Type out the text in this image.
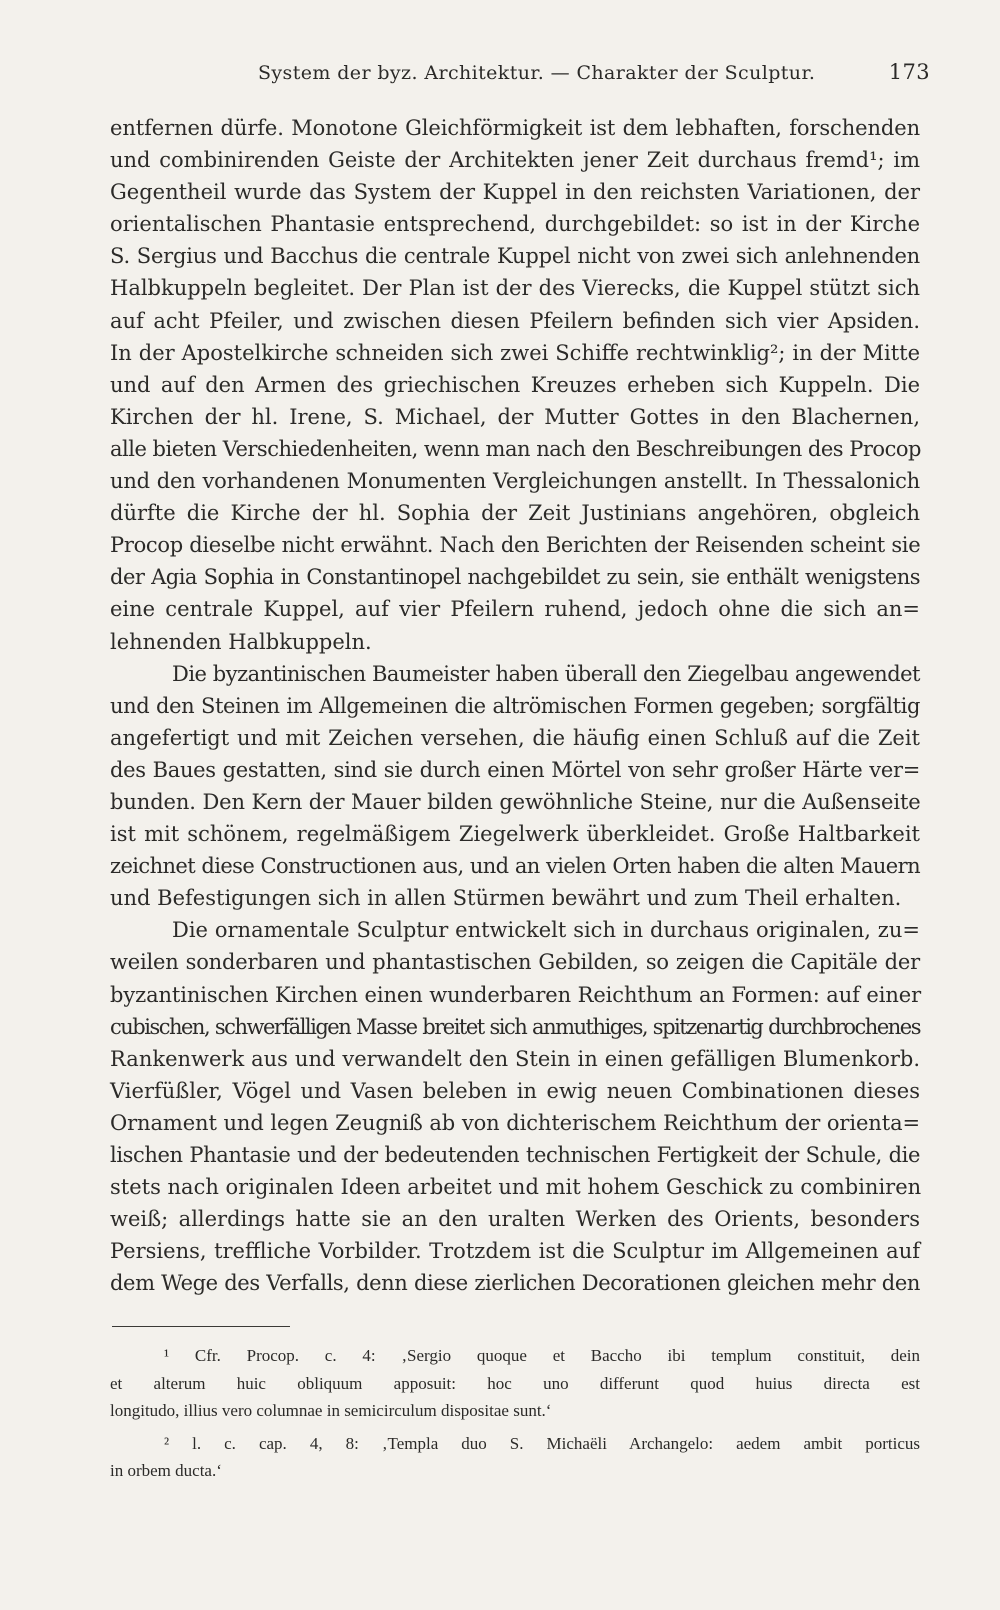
System der byz. Architektur. — Charakter der Sculptur.	173
entfernen dürfe. Monotone Gleichförmigkeit ist dem lebhaften, forschenden
und combinirenden Geiste der Architekten jener Zeit durchaus fremd¹; im
Gegentheil wurde das System der Kuppel in den reichsten Variationen, der
orientalischen Phantasie entsprechend, durchgebildet: so ist in der Kirche
S. Sergius und Bacchus die centrale Kuppel nicht von zwei sich anlehnenden
Halbkuppeln begleitet. Der Plan ist der des Vierecks, die Kuppel stützt sich
auf acht Pfeiler, und zwischen diesen Pfeilern befinden sich vier Apsiden.
In der Apostelkirche schneiden sich zwei Schiffe rechtwinklig²; in der Mitte
und auf den Armen des griechischen Kreuzes erheben sich Kuppeln. Die
Kirchen der hl. Irene, S. Michael, der Mutter Gottes in den Blachernen,
alle bieten Verschiedenheiten, wenn man nach den Beschreibungen des Procop
und den vorhandenen Monumenten Vergleichungen anstellt. In Thessalonich
dürfte die Kirche der hl. Sophia der Zeit Justinians angehören, obgleich
Procop dieselbe nicht erwähnt. Nach den Berichten der Reisenden scheint sie
der Agia Sophia in Constantinopel nachgebildet zu sein, sie enthält wenigstens
eine centrale Kuppel, auf vier Pfeilern ruhend, jedoch ohne die sich an=
lehnenden Halbkuppeln.
Die byzantinischen Baumeister haben überall den Ziegelbau angewendet
und den Steinen im Allgemeinen die altrömischen Formen gegeben; sorgfältig
angefertigt und mit Zeichen versehen, die häufig einen Schluß auf die Zeit
des Baues gestatten, sind sie durch einen Mörtel von sehr großer Härte ver=
bunden. Den Kern der Mauer bilden gewöhnliche Steine, nur die Außenseite
ist mit schönem, regelmäßigem Ziegelwerk überkleidet. Große Haltbarkeit
zeichnet diese Constructionen aus, und an vielen Orten haben die alten Mauern
und Befestigungen sich in allen Stürmen bewährt und zum Theil erhalten.
Die ornamentale Sculptur entwickelt sich in durchaus originalen, zu=
weilen sonderbaren und phantastischen Gebilden, so zeigen die Capitäle der
byzantinischen Kirchen einen wunderbaren Reichthum an Formen: auf einer
cubischen, schwerfälligen Masse breitet sich anmuthiges, spitzenartig durchbrochenes
Rankenwerk aus und verwandelt den Stein in einen gefälligen Blumenkorb.
Vierfüßler, Vögel und Vasen beleben in ewig neuen Combinationen dieses
Ornament und legen Zeugniß ab von dichterischem Reichthum der orienta=
lischen Phantasie und der bedeutenden technischen Fertigkeit der Schule, die
stets nach originalen Ideen arbeitet und mit hohem Geschick zu combiniren
weiß; allerdings hatte sie an den uralten Werken des Orients, besonders
Persiens, treffliche Vorbilder. Trotzdem ist die Sculptur im Allgemeinen auf
dem Wege des Verfalls, denn diese zierlichen Decorationen gleichen mehr den
¹ Cfr. Procop. c. 4: ‚Sergio quoque et Baccho ibi templum constituit, dein
et alterum huic obliquum apposuit: hoc uno differunt quod huius directa est
longitudo, illius vero columnae in semicirculum dispositae sunt.‘
² l. c. cap. 4, 8: ‚Templa duo S. Michaëli Archangelo: aedem ambit porticus
in orbem ducta.‘
